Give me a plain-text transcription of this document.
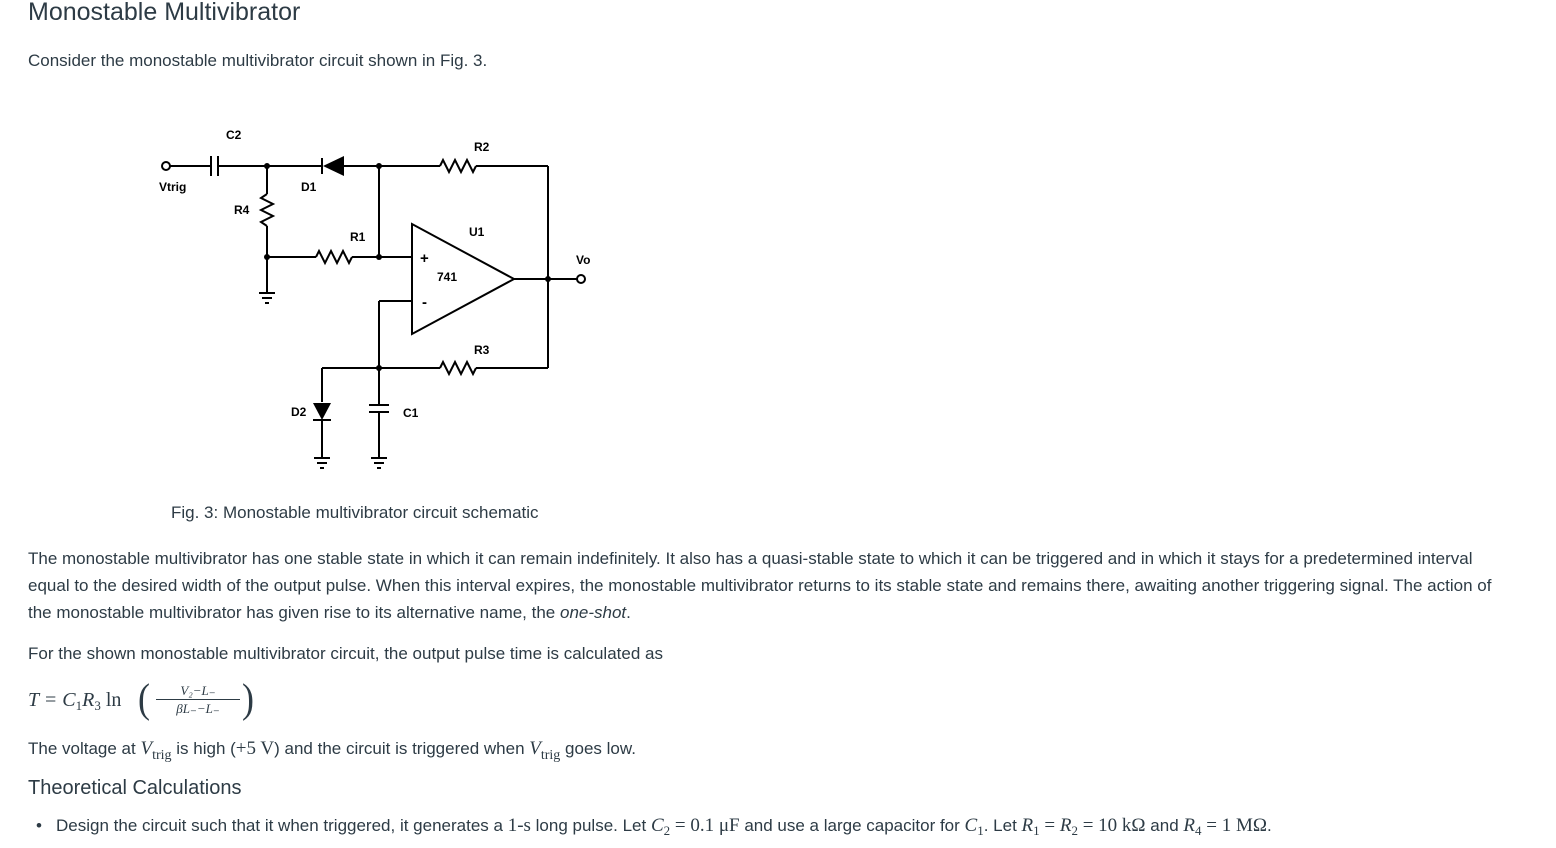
Monostable Multivibrator

Consider the monostable multivibrator circuit shown in Fig. 3.

C2
R2
Vtrig	D1
R4
U1
R1
Vo
+
741
-
R3
D2	C1

Fig. 3: Monostable multivibrator circuit schematic

The monostable multivibrator has one stable state in which it can remain indefinitely. It also has a quasi-stable state to which it can be triggered and in which it stays for a predetermined interval equal to the desired width of the output pulse. When this interval expires, the monostable multivibrator returns to its stable state and remains there, awaiting another triggering signal. The action of the monostable multivibrator has given rise to its alternative name, the one-shot.

For the shown monostable multivibrator circuit, the output pulse time is calculated as

$T = C_1R_3$ ln ( $\frac{\text{V₂−L₋}}{\beta L_--L_-}$ )

The voltage at $V_{trig}$ is high (+5 V) and the circuit is triggered when $V_{trig}$ goes low.

Theoretical Calculations

• Design the circuit such that it when triggered, it generates a 1-s long pulse. Let $C_2 = 0.1$ μF and use a large capacitor for $C_1$. Let $R_1 = R_2 = 10$ kΩ and $R_4 = 1$ MΩ.
